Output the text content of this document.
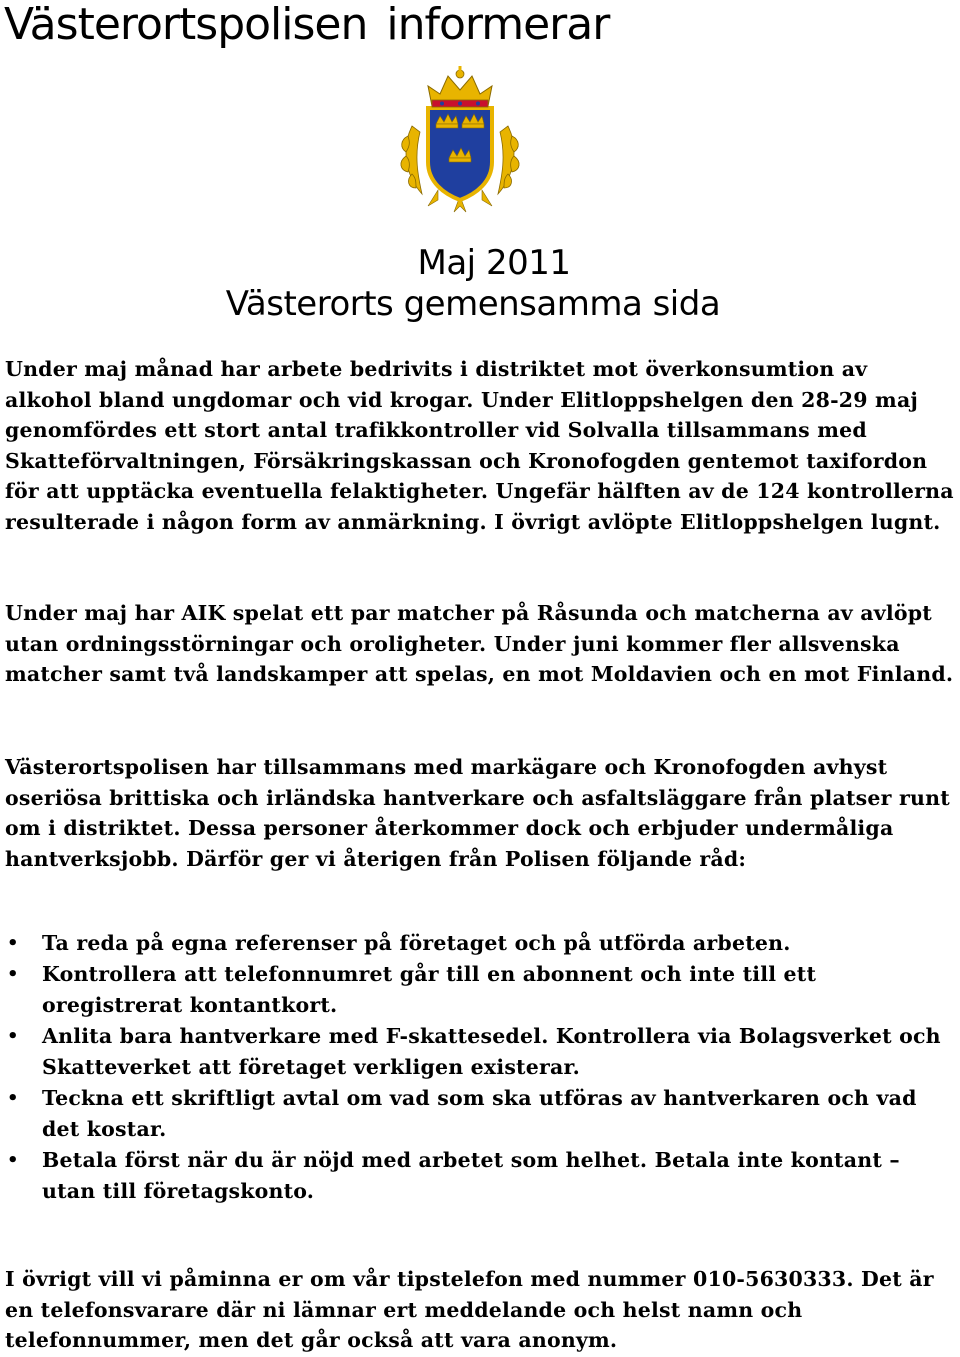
Västerortspolisen informerar

Maj 2011

Västerorts gemensamma sida

Under maj månad har arbete bedrivits i distriktet mot överkonsumtion av alkohol bland ungdomar och vid krogar. Under Elitloppshelgen den 28-29 maj genomfördes ett stort antal trafikkontroller vid Solvalla tillsammans med Skatteförvaltningen, Försäkringskassan och Kronofogden gentemot taxifordon för att upptäcka eventuella felaktigheter. Ungefär hälften av de 124 kontrollerna resulterade i någon form av anmärkning. I övrigt avlöpte Elitloppshelgen lugnt.

Under maj har AIK spelat ett par matcher på Råsunda och matcherna av avlöpt utan ordningsstörningar och oroligheter. Under juni kommer fler allsvenska matcher samt två landskamper att spelas, en mot Moldavien och en mot Finland.

Västerortspolisen har tillsammans med markägare och Kronofogden avhyst oseriösa brittiska och irländska hantverkare och asfaltsläggare från platser runt om i distriktet. Dessa personer återkommer dock och erbjuder undermåliga hantverksjobb. Därför ger vi återigen från Polisen följande råd:

• Ta reda på egna referenser på företaget och på utförda arbeten.
• Kontrollera att telefonnumret går till en abonnent och inte till ett oregistrerat kontantkort.
• Anlita bara hantverkare med F-skattesedel. Kontrollera via Bolagsverket och Skatteverket att företaget verkligen existerar.
• Teckna ett skriftligt avtal om vad som ska utföras av hantverkaren och vad det kostar.
• Betala först när du är nöjd med arbetet som helhet. Betala inte kontant – utan till företagskonto.

I övrigt vill vi påminna er om vår tipstelefon med nummer 010-5630333. Det är en telefonsvarare där ni lämnar ert meddelande och helst namn och telefonnummer, men det går också att vara anonym.
